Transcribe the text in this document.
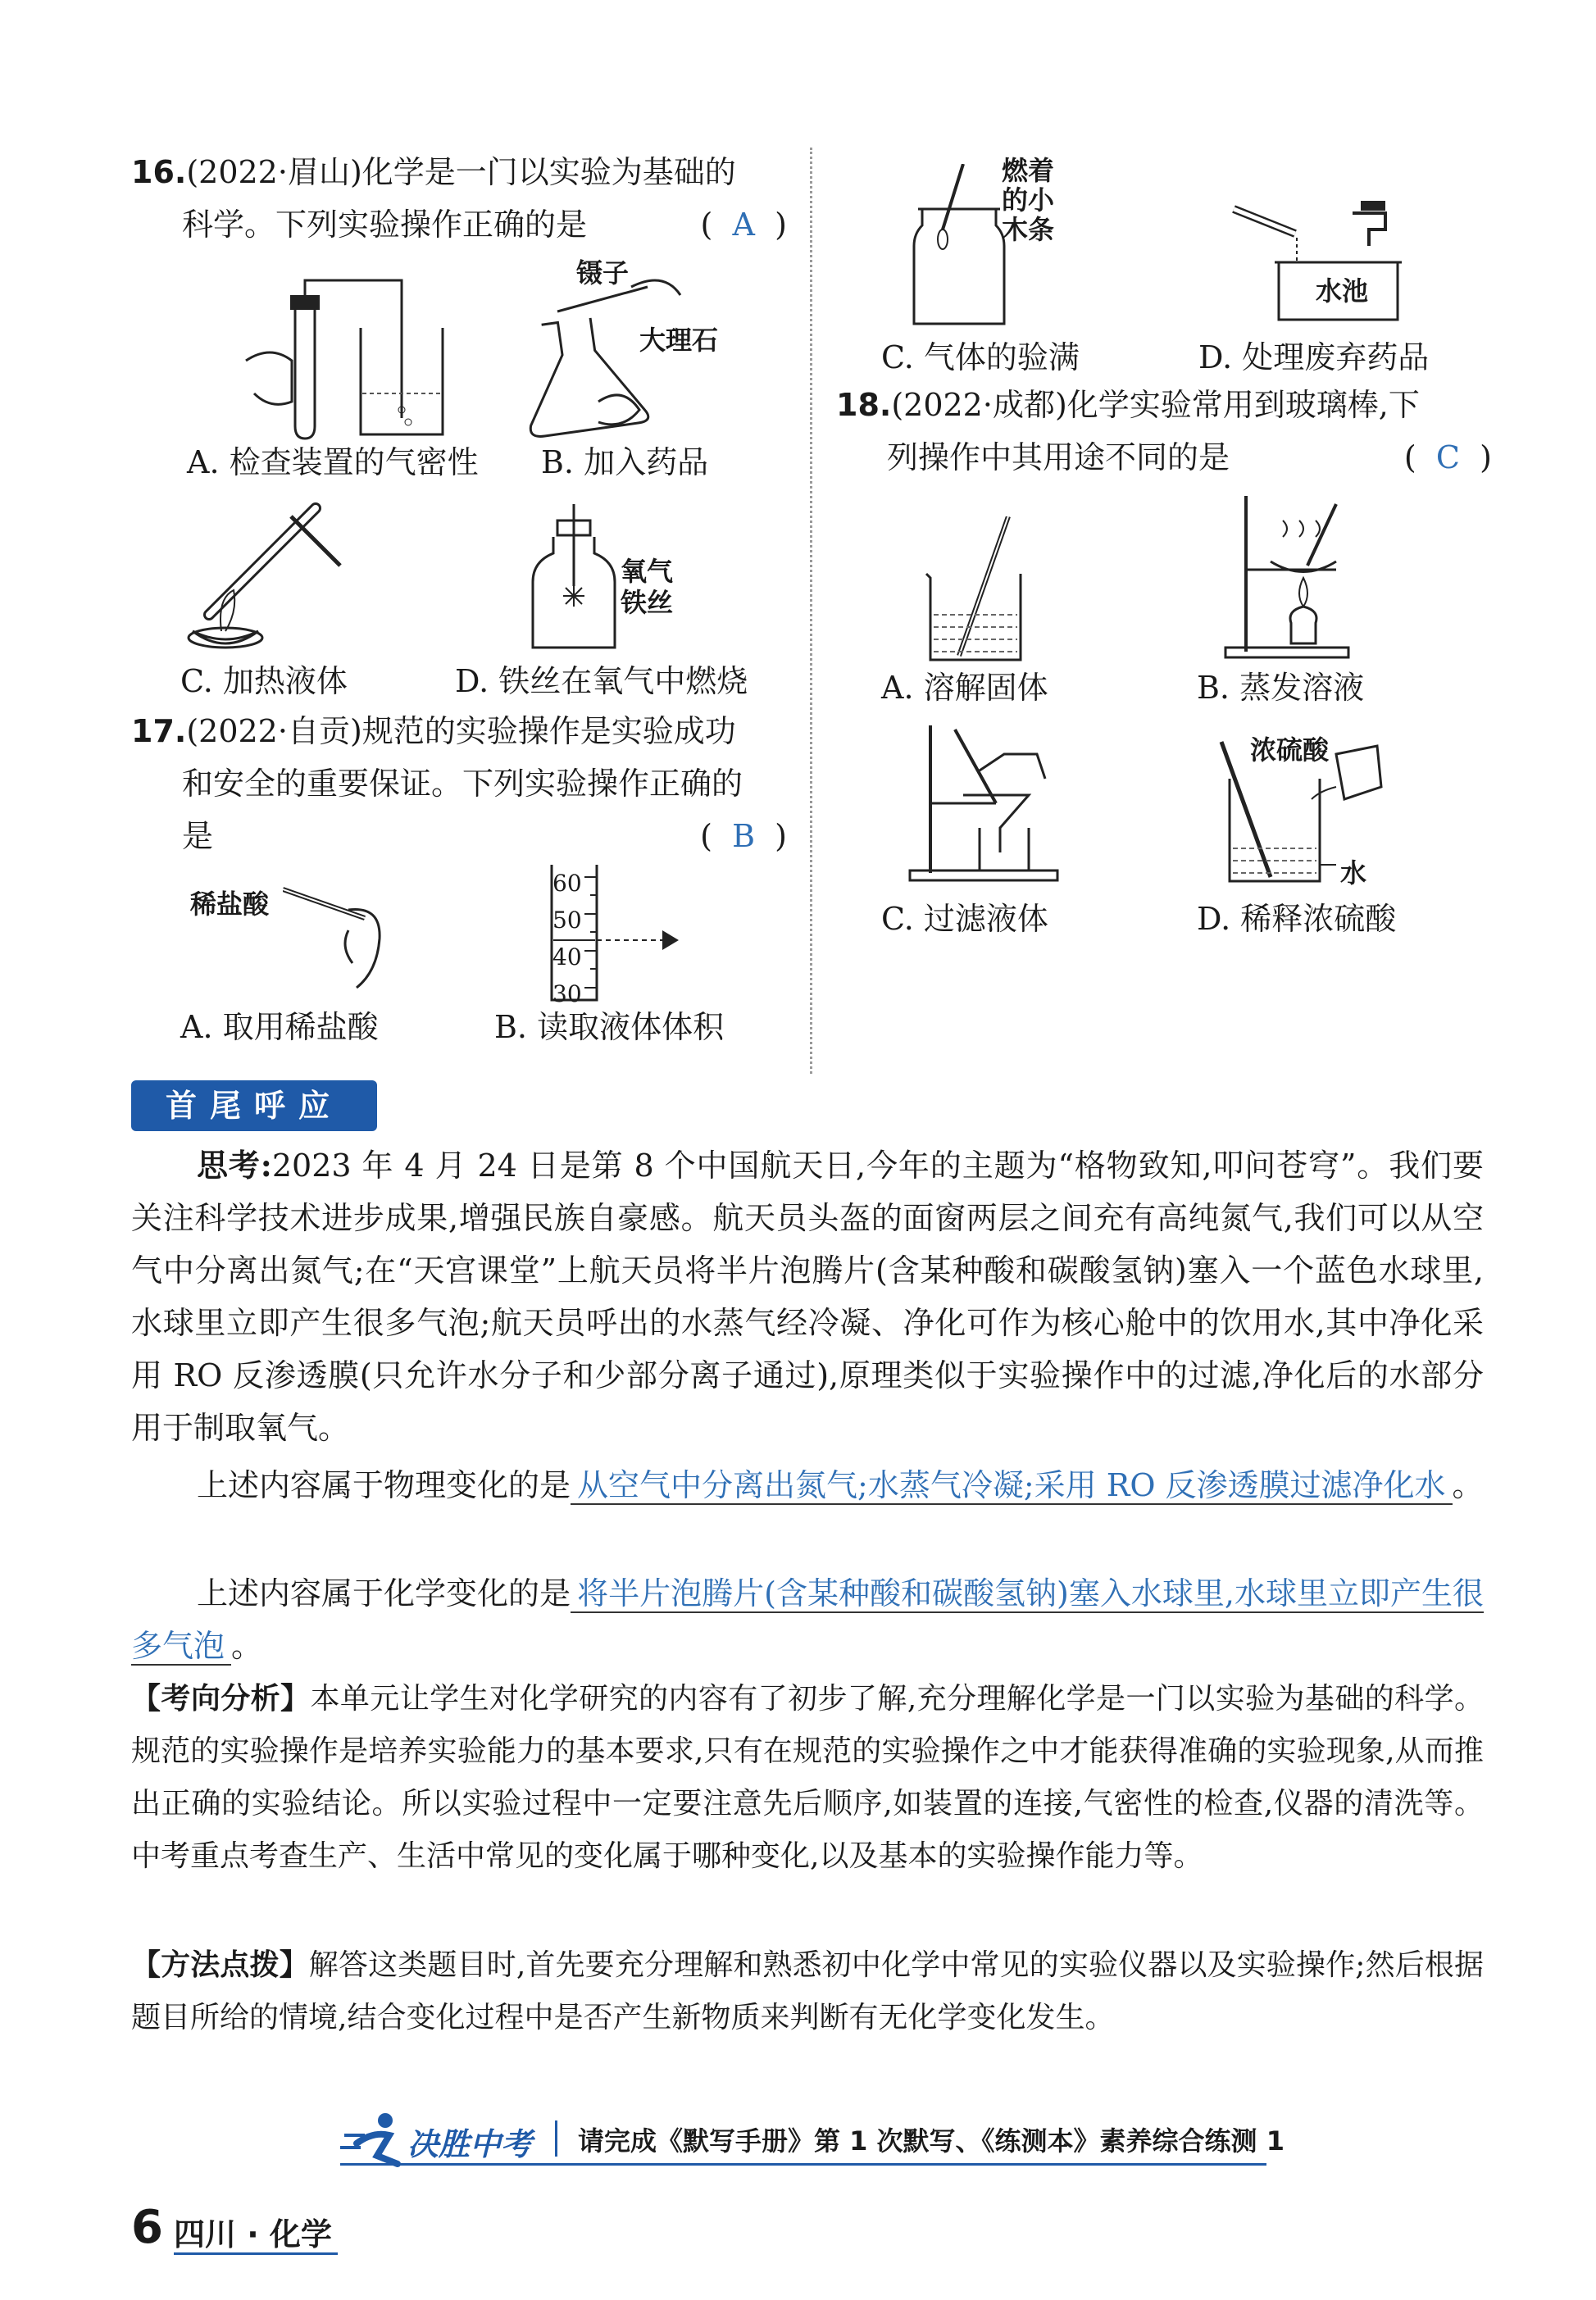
16.(2022·眉山)化学是一门以实验为基础的
科学。下列实验操作正确的是	( A )
A. 检查装置的气密性
镊子
大理石
B. 加入药品
C. 加热液体
氧气
铁丝
D. 铁丝在氧气中燃烧
17.(2022·自贡)规范的实验操作是实验成功
和安全的重要保证。下列实验操作正确的
是	( B )
稀盐酸
A. 取用稀盐酸
60
50
40
30
B. 读取液体体积
燃着
的小
木条
C. 气体的验满
水池
D. 处理废弃药品
18.(2022·成都)化学实验常用到玻璃棒,下
列操作中其用途不同的是	( C )
A. 溶解固体	B. 蒸发溶液
C. 过滤液体
浓硫酸
水
D. 稀释浓硫酸
首尾呼应
思考:2023 年 4 月 24 日是第 8 个中国航天日,今年的主题为“格物致知,叩问苍穹”。我们要关注科学技术进步成果,增强民族自豪感。航天员头盔的面窗两层之间充有高纯氮气,我们可以从空气中分离出氮气;在“天宫课堂”上航天员将半片泡腾片(含某种酸和碳酸氢钠)塞入一个蓝色水球里,水球里立即产生很多气泡;航天员呼出的水蒸气经冷凝、净化可作为核心舱中的饮用水,其中净化采用 RO 反渗透膜(只允许水分子和少部分离子通过),原理类似于实验操作中的过滤,净化后的水部分用于制取氧气。
上述内容属于物理变化的是 从空气中分离出氮气;水蒸气冷凝;采用 RO 反渗透膜过滤净化水 。
上述内容属于化学变化的是 将半片泡腾片(含某种酸和碳酸氢钠)塞入水球里,水球里立即产生很多气泡 。
【考向分析】本单元让学生对化学研究的内容有了初步了解,充分理解化学是一门以实验为基础的科学。规范的实验操作是培养实验能力的基本要求,只有在规范的实验操作之中才能获得准确的实验现象,从而推出正确的实验结论。所以实验过程中一定要注意先后顺序,如装置的连接,气密性的检查,仪器的清洗等。中考重点考查生产、生活中常见的变化属于哪种变化,以及基本的实验操作能力等。
【方法点拨】解答这类题目时,首先要充分理解和熟悉初中化学中常见的实验仪器以及实验操作;然后根据题目所给的情境,结合变化过程中是否产生新物质来判断有无化学变化发生。
决胜中考 请完成《默写手册》第 1 次默写、《练测本》素养综合练测 1
6 四川 · 化学
